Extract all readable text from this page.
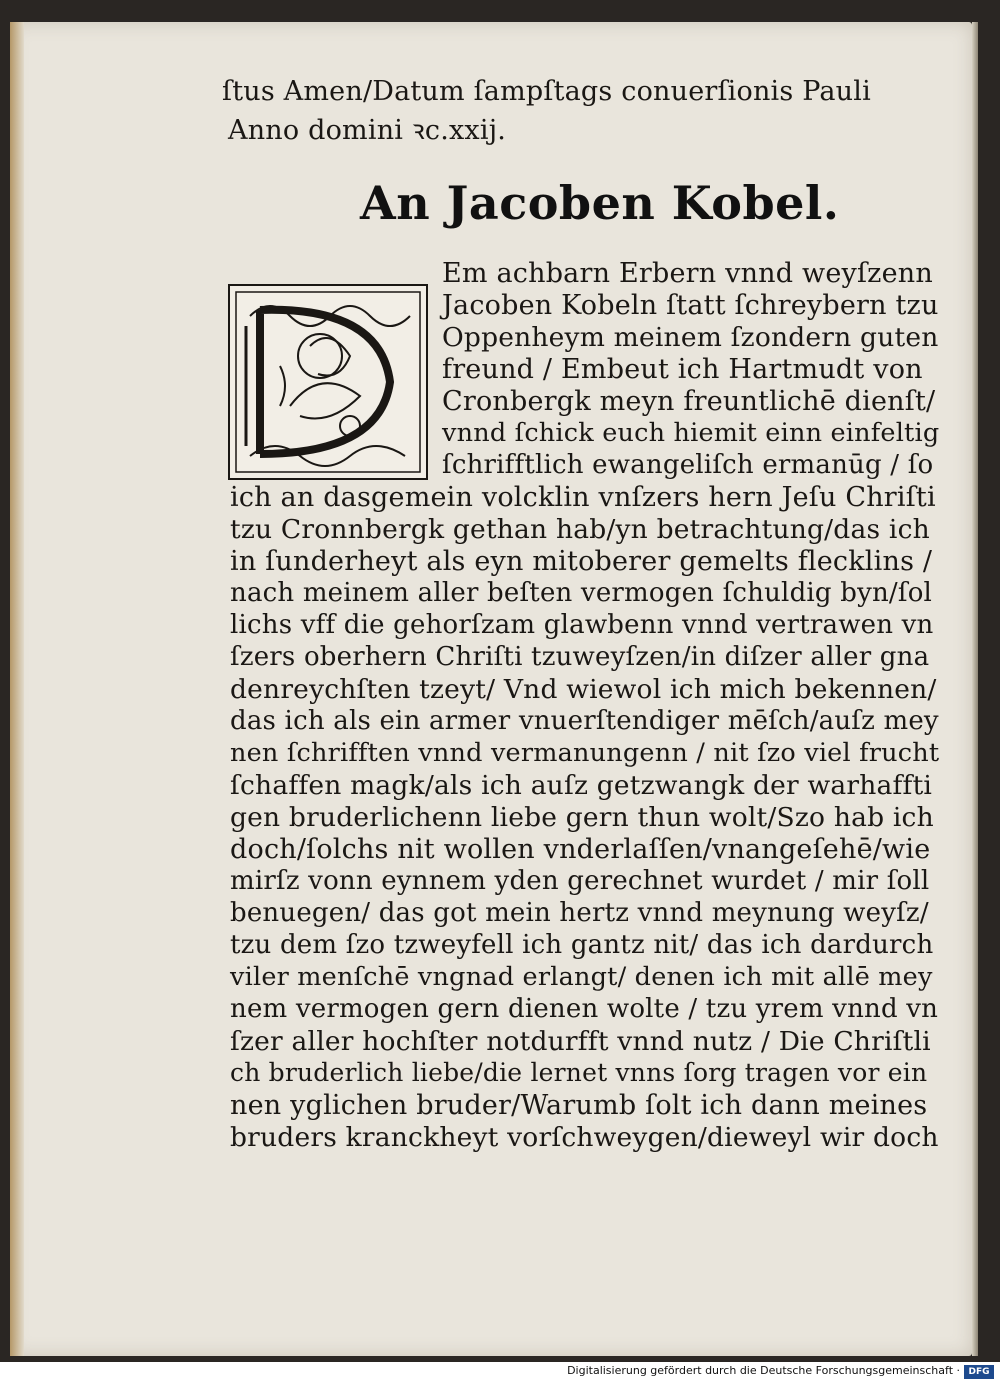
ſtus Amen/Datum ſampſtags conuerſionis Pauli
Anno domini ꝛc.xxij.
An Jacoben Kobel.
Em achbarn Erbern vnnd weyſzenn
Jacoben Kobeln ſtatt ſchreybern tzu
Oppenheym meinem ſzondern guten
freund / Embeut ich Hartmudt von
Cronbergk meyn freuntlichē dienſt/
vnnd ſchick euch hiemit einn einfeltig
ſchrifftlich ewangeliſch ermanūg / ſo
ich an dasgemein volcklin vnſzers hern Jeſu Chriſti
tzu Cronnbergk gethan hab/yn betrachtung/das ich
in ſunderheyt als eyn mitoberer gemelts flecklins /
nach meinem aller beſten vermogen ſchuldig byn/ſol
lichs vff die gehorſzam glawbenn vnnd vertrawen vn
ſzers oberhern Chriſti tzuweyſzen/in diſzer aller gna
denreychſten tzeyt/ Vnd wiewol ich mich bekennen/
das ich als ein armer vnuerſtendiger mēſch/auſz mey
nen ſchrifften vnnd vermanungenn / nit ſzo viel frucht
ſchaffen magk/als ich auſz getzwangk der warhaffti
gen bruderlichenn liebe gern thun wolt/Szo hab ich
doch/ſolchs nit wollen vnderlaſſen/vnangeſehē/wie
mirſz vonn eynnem yden gerechnet wurdet / mir ſoll
benuegen/ das got mein hertz vnnd meynung weyſz/
tzu dem ſzo tzweyfell ich gantz nit/ das ich dardurch
viler menſchē vngnad erlangt/ denen ich mit allē mey
nem vermogen gern dienen wolte / tzu yrem vnnd vn
ſzer aller hochſter notdurfft vnnd nutz / Die Chriſtli
ch bruderlich liebe/die lernet vnns ſorg tragen vor ein
nen yglichen bruder/Warumb ſolt ich dann meines
bruders kranckheyt vorſchweygen/dieweyl wir doch
Digitalisierung gefördert durch die Deutsche Forschungsgemeinschaft · DFG
